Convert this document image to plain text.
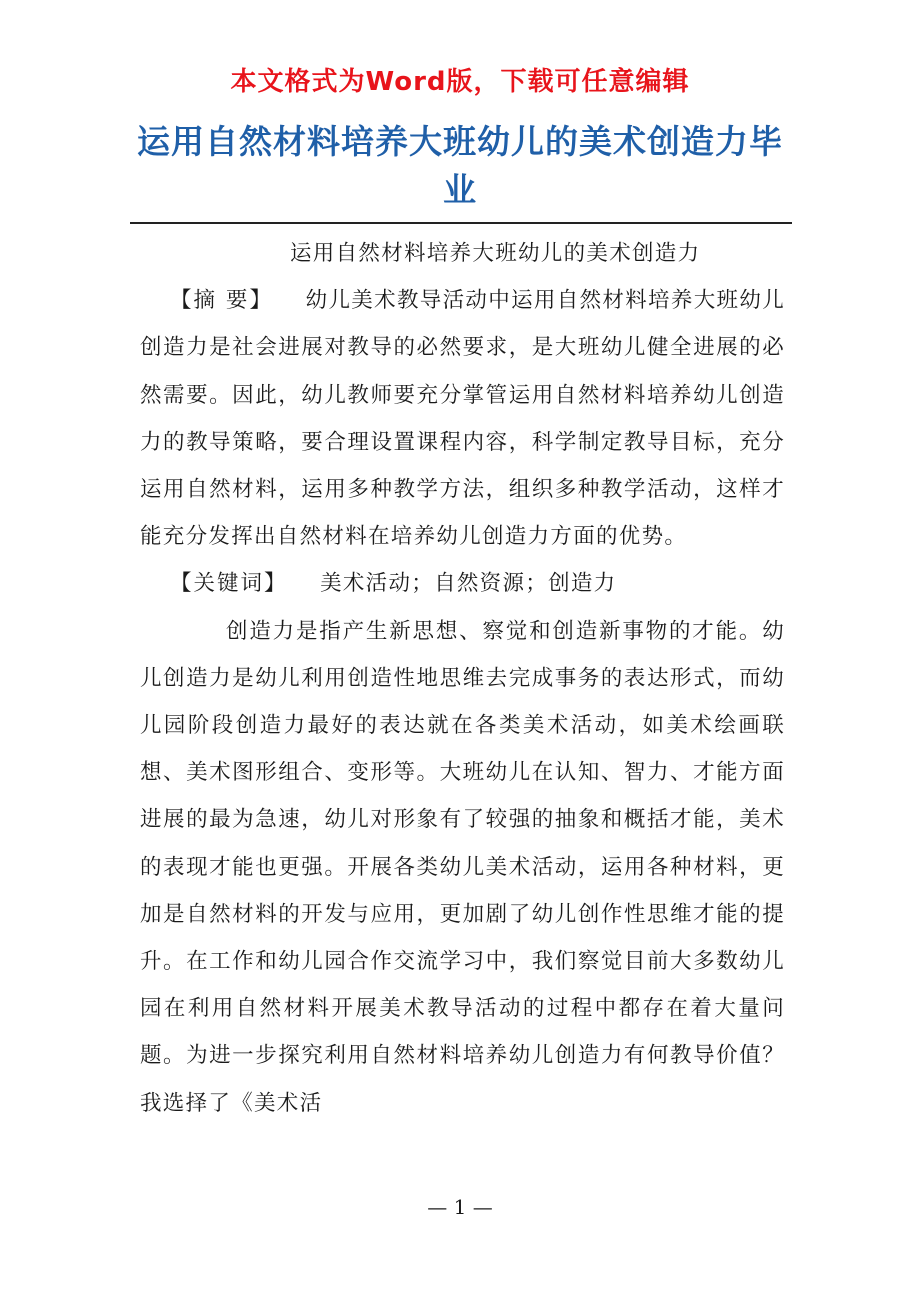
本文格式为Word版，下载可任意编辑
运用自然材料培养大班幼儿的美术创造力毕业

运用自然材料培养大班幼儿的美术创造力

【摘 要】 幼儿美术教导活动中运用自然材料培养大班幼儿创造力是社会进展对教导的必然要求，是大班幼儿健全进展的必然需要。因此，幼儿教师要充分掌管运用自然材料培养幼儿创造力的教导策略，要合理设置课程内容，科学制定教导目标，充分运用自然材料，运用多种教学方法，组织多种教学活动，这样才能充分发挥出自然材料在培养幼儿创造力方面的优势。

【关键词】 美术活动；自然资源；创造力

创造力是指产生新思想、察觉和创造新事物的才能。幼儿创造力是幼儿利用创造性地思维去完成事务的表达形式，而幼儿园阶段创造力最好的表达就在各类美术活动，如美术绘画联想、美术图形组合、变形等。大班幼儿在认知、智力、才能方面进展的最为急速，幼儿对形象有了较强的抽象和概括才能，美术的表现才能也更强。开展各类幼儿美术活动，运用各种材料，更加是自然材料的开发与应用，更加剧了幼儿创作性思维才能的提升。在工作和幼儿园合作交流学习中，我们察觉目前大多数幼儿园在利用自然材料开展美术教导活动的过程中都存在着大量问题。为进一步探究利用自然材料培养幼儿创造力有何教导价值？我选择了《美术活

— 1 —
